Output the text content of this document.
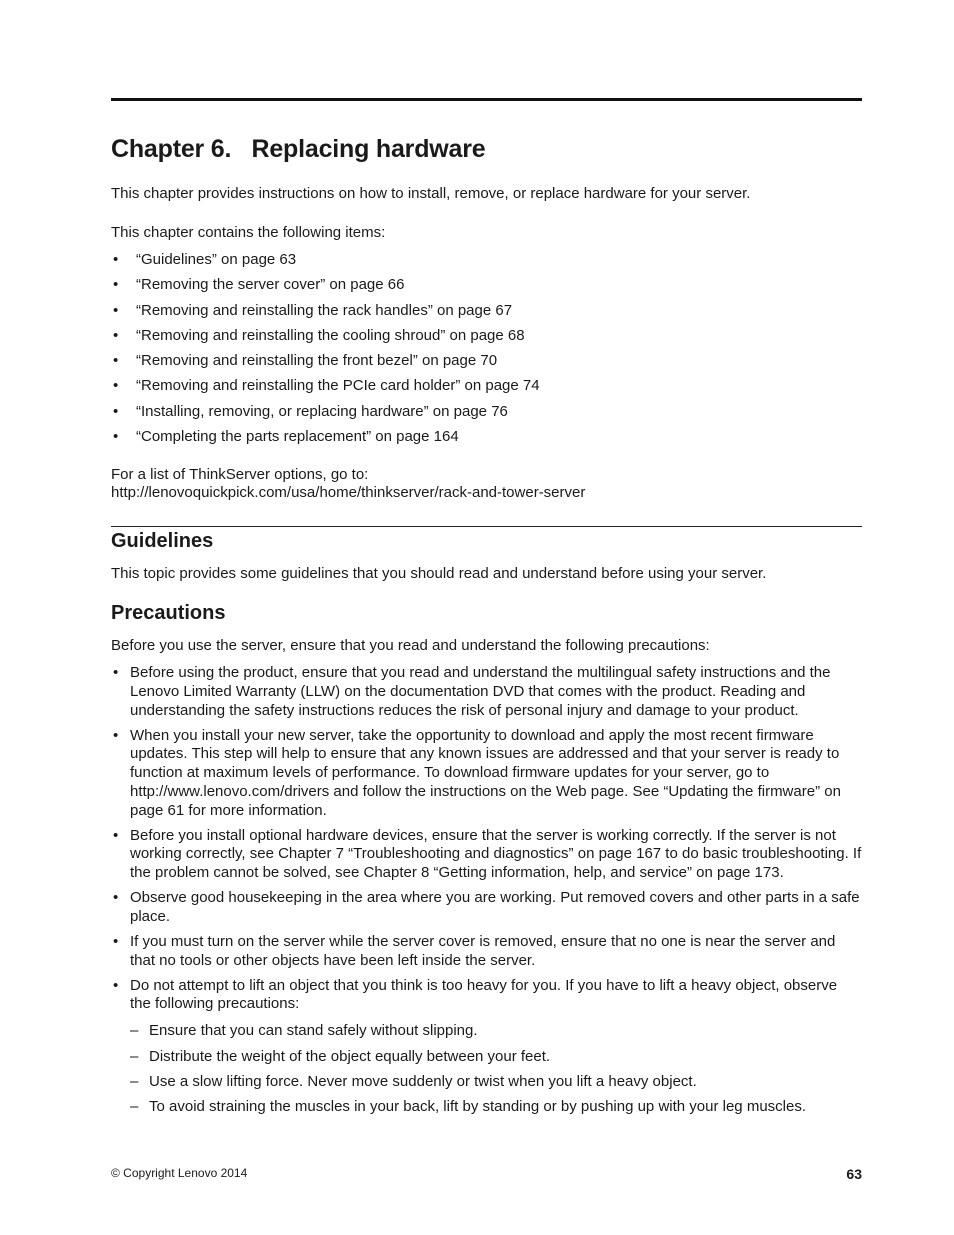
Chapter 6.   Replacing hardware

This chapter provides instructions on how to install, remove, or replace hardware for your server.

This chapter contains the following items:

• “Guidelines” on page 63
• “Removing the server cover” on page 66
• “Removing and reinstalling the rack handles” on page 67
• “Removing and reinstalling the cooling shroud” on page 68
• “Removing and reinstalling the front bezel” on page 70
• “Removing and reinstalling the PCIe card holder” on page 74
• “Installing, removing, or replacing hardware” on page 76
• “Completing the parts replacement” on page 164

For a list of ThinkServer options, go to:

http://lenovoquickpick.com/usa/home/thinkserver/rack-and-tower-server

Guidelines

This topic provides some guidelines that you should read and understand before using your server.

Precautions

Before you use the server, ensure that you read and understand the following precautions:

• Before using the product, ensure that you read and understand the multilingual safety instructions and the Lenovo Limited Warranty (LLW) on the documentation DVD that comes with the product. Reading and understanding the safety instructions reduces the risk of personal injury and damage to your product.
• When you install your new server, take the opportunity to download and apply the most recent firmware updates. This step will help to ensure that any known issues are addressed and that your server is ready to function at maximum levels of performance. To download firmware updates for your server, go to http://www.lenovo.com/drivers and follow the instructions on the Web page. See “Updating the firmware” on page 61 for more information.
• Before you install optional hardware devices, ensure that the server is working correctly. If the server is not working correctly, see Chapter 7 “Troubleshooting and diagnostics” on page 167 to do basic troubleshooting. If the problem cannot be solved, see Chapter 8 “Getting information, help, and service” on page 173.
• Observe good housekeeping in the area where you are working. Put removed covers and other parts in a safe place.
• If you must turn on the server while the server cover is removed, ensure that no one is near the server and that no tools or other objects have been left inside the server.
• Do not attempt to lift an object that you think is too heavy for you. If you have to lift a heavy object, observe the following precautions:
– Ensure that you can stand safely without slipping.
– Distribute the weight of the object equally between your feet.
– Use a slow lifting force. Never move suddenly or twist when you lift a heavy object.
– To avoid straining the muscles in your back, lift by standing or by pushing up with your leg muscles.
© Copyright Lenovo 2014	63
